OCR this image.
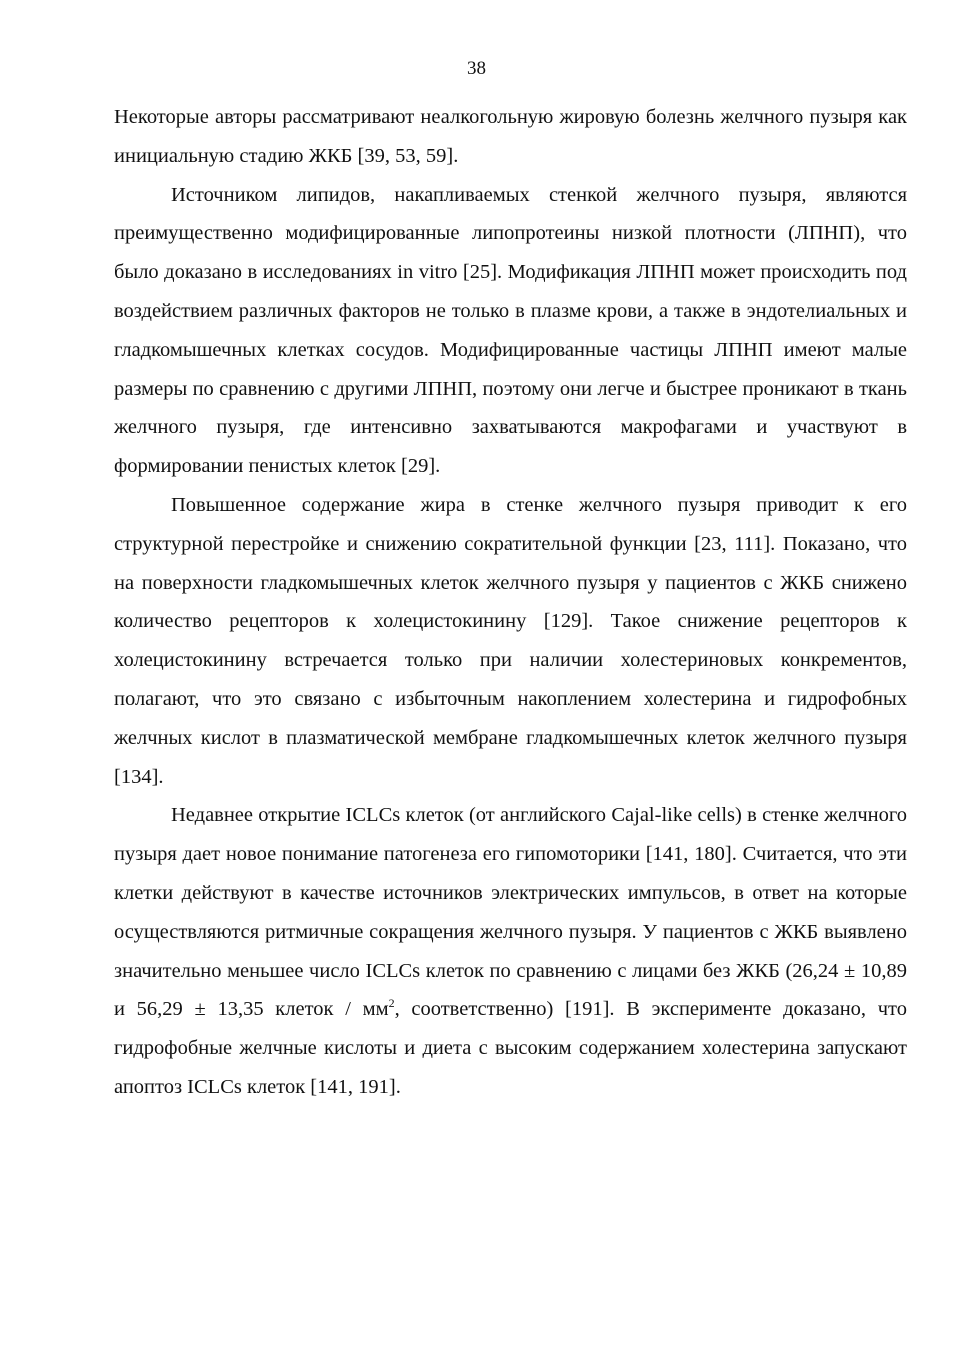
38

Некоторые авторы рассматривают неалкогольную жировую болезнь желчного пузыря как инициальную стадию ЖКБ [39, 53, 59].

Источником липидов, накапливаемых стенкой желчного пузыря, являются преимущественно модифицированные липопротеины низкой плотности (ЛПНП), что было доказано в исследованиях in vitro [25]. Модификация ЛПНП может происходить под воздействием различных факторов не только в плазме крови, а также в эндотелиальных и гладкомышечных клетках сосудов. Модифицированные частицы ЛПНП имеют малые размеры по сравнению с другими ЛПНП, поэтому они легче и быстрее проникают в ткань желчного пузыря, где интенсивно захватываются макрофагами и участвуют в формировании пенистых клеток [29].

Повышенное содержание жира в стенке желчного пузыря приводит к его структурной перестройке и снижению сократительной функции [23, 111]. Показано, что на поверхности гладкомышечных клеток желчного пузыря у пациентов с ЖКБ снижено количество рецепторов к холецистокинину [129]. Такое снижение рецепторов к холецистокинину встречается только при наличии холестериновых конкрементов, полагают, что это связано с избыточным накоплением холестерина и гидрофобных желчных кислот в плазматической мембране гладкомышечных клеток желчного пузыря [134].

Недавнее открытие ICLCs клеток (от английского Cajal-like cells) в стенке желчного пузыря дает новое понимание патогенеза его гипомоторики [141, 180]. Считается, что эти клетки действуют в качестве источников электрических импульсов, в ответ на которые осуществляются ритмичные сокращения желчного пузыря. У пациентов с ЖКБ выявлено значительно меньшее число ICLCs клеток по сравнению с лицами без ЖКБ (26,24 ± 10,89 и 56,29 ± 13,35 клеток / $мм^2$, соответственно) [191]. В эксперименте доказано, что гидрофобные желчные кислоты и диета с высоким содержанием холестерина запускают апоптоз ICLCs клеток [141, 191].
